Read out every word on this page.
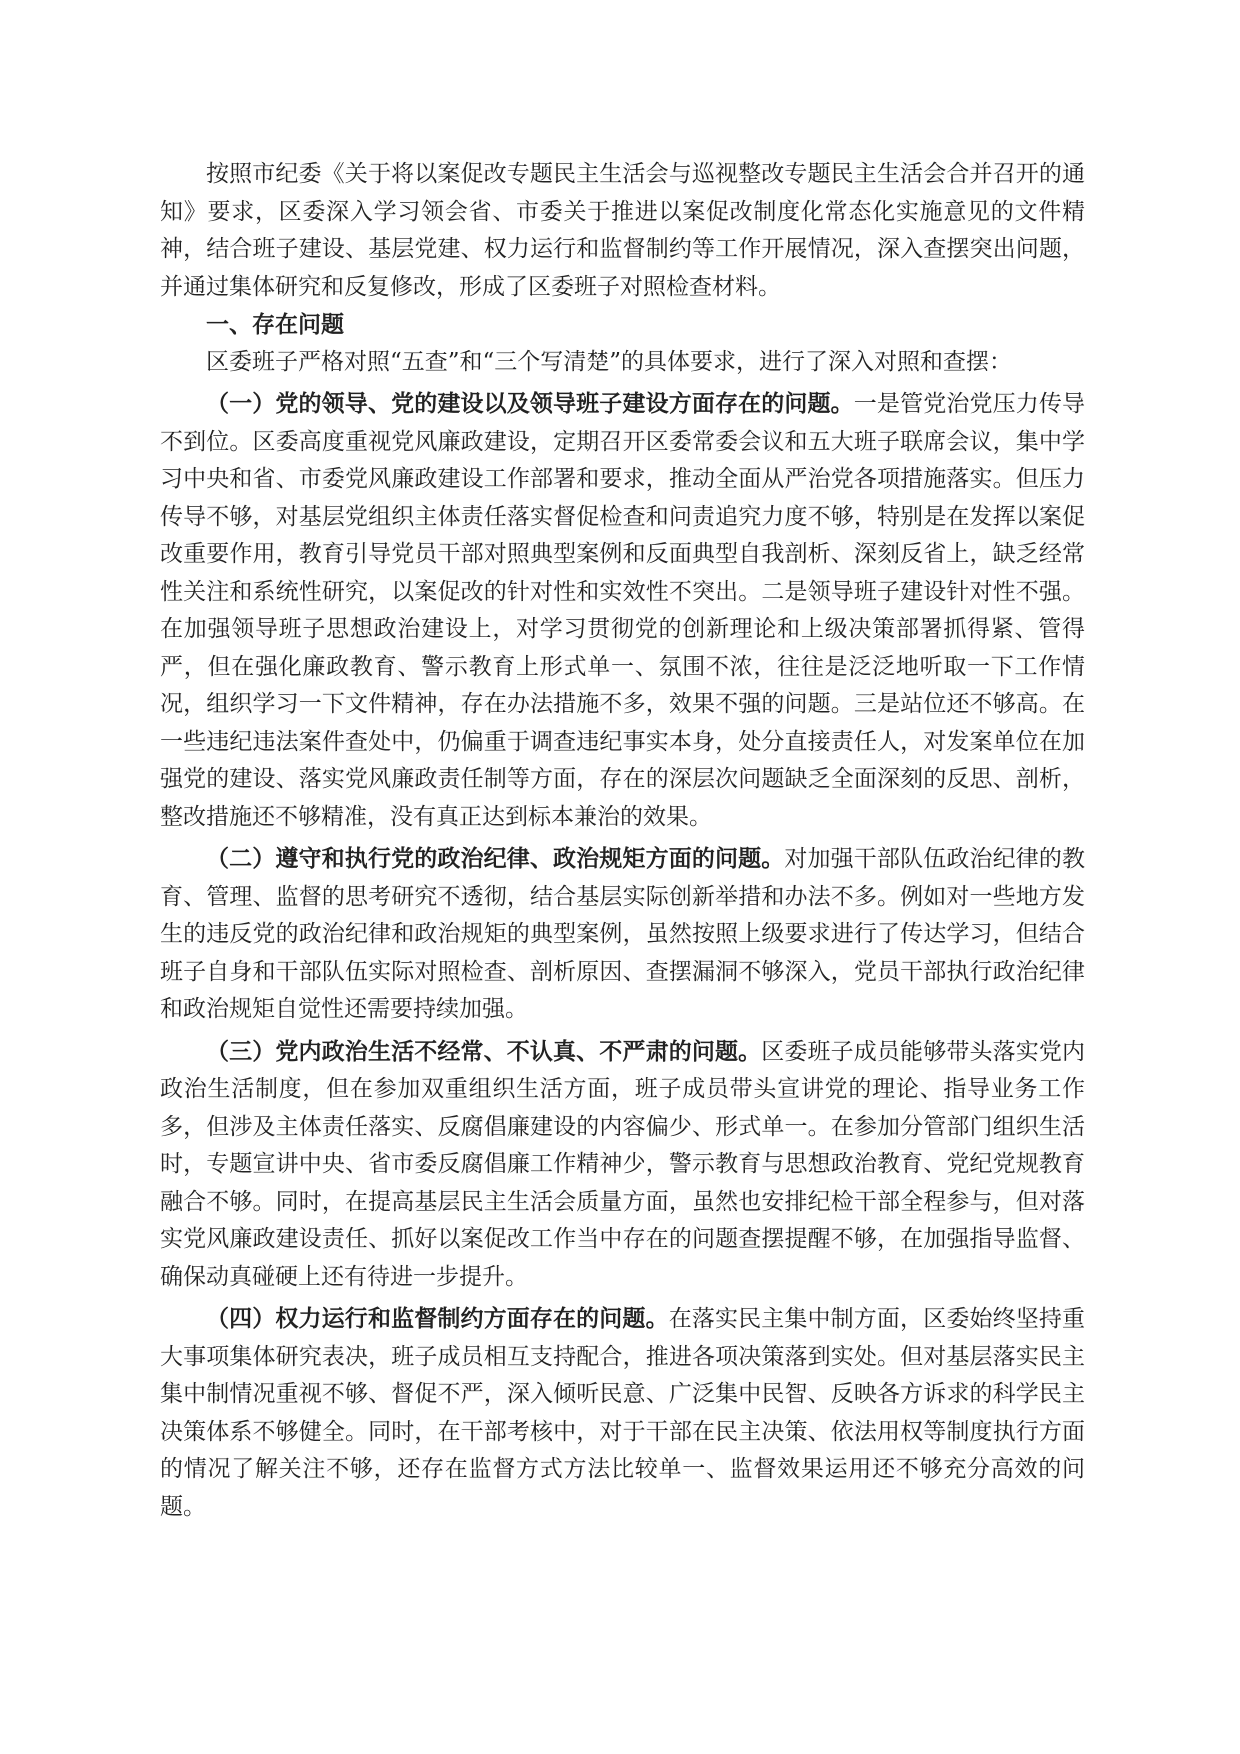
按照市纪委《关于将以案促改专题民主生活会与巡视整改专题民主生活会合并召开的通知》要求，区委深入学习领会省、市委关于推进以案促改制度化常态化实施意见的文件精神，结合班子建设、基层党建、权力运行和监督制约等工作开展情况，深入查摆突出问题，并通过集体研究和反复修改，形成了区委班子对照检查材料。

一、存在问题

区委班子严格对照“五查”和“三个写清楚”的具体要求，进行了深入对照和查摆：

（一）党的领导、党的建设以及领导班子建设方面存在的问题。一是管党治党压力传导不到位。区委高度重视党风廉政建设，定期召开区委常委会议和五大班子联席会议，集中学习中央和省、市委党风廉政建设工作部署和要求，推动全面从严治党各项措施落实。但压力传导不够，对基层党组织主体责任落实督促检查和问责追究力度不够，特别是在发挥以案促改重要作用，教育引导党员干部对照典型案例和反面典型自我剖析、深刻反省上，缺乏经常性关注和系统性研究，以案促改的针对性和实效性不突出。二是领导班子建设针对性不强。在加强领导班子思想政治建设上，对学习贯彻党的创新理论和上级决策部署抓得紧、管得严，但在强化廉政教育、警示教育上形式单一、氛围不浓，往往是泛泛地听取一下工作情况，组织学习一下文件精神，存在办法措施不多，效果不强的问题。三是站位还不够高。在一些违纪违法案件查处中，仍偏重于调查违纪事实本身，处分直接责任人，对发案单位在加强党的建设、落实党风廉政责任制等方面，存在的深层次问题缺乏全面深刻的反思、剖析，整改措施还不够精准，没有真正达到标本兼治的效果。

（二）遵守和执行党的政治纪律、政治规矩方面的问题。对加强干部队伍政治纪律的教育、管理、监督的思考研究不透彻，结合基层实际创新举措和办法不多。例如对一些地方发生的违反党的政治纪律和政治规矩的典型案例，虽然按照上级要求进行了传达学习，但结合班子自身和干部队伍实际对照检查、剖析原因、查摆漏洞不够深入，党员干部执行政治纪律和政治规矩自觉性还需要持续加强。

（三）党内政治生活不经常、不认真、不严肃的问题。区委班子成员能够带头落实党内政治生活制度，但在参加双重组织生活方面，班子成员带头宣讲党的理论、指导业务工作多，但涉及主体责任落实、反腐倡廉建设的内容偏少、形式单一。在参加分管部门组织生活时，专题宣讲中央、省市委反腐倡廉工作精神少，警示教育与思想政治教育、党纪党规教育融合不够。同时，在提高基层民主生活会质量方面，虽然也安排纪检干部全程参与，但对落实党风廉政建设责任、抓好以案促改工作当中存在的问题查摆提醒不够，在加强指导监督、确保动真碰硬上还有待进一步提升。

（四）权力运行和监督制约方面存在的问题。在落实民主集中制方面，区委始终坚持重大事项集体研究表决，班子成员相互支持配合，推进各项决策落到实处。但对基层落实民主集中制情况重视不够、督促不严，深入倾听民意、广泛集中民智、反映各方诉求的科学民主决策体系不够健全。同时，在干部考核中，对于干部在民主决策、依法用权等制度执行方面的情况了解关注不够，还存在监督方式方法比较单一、监督效果运用还不够充分高效的问题。
